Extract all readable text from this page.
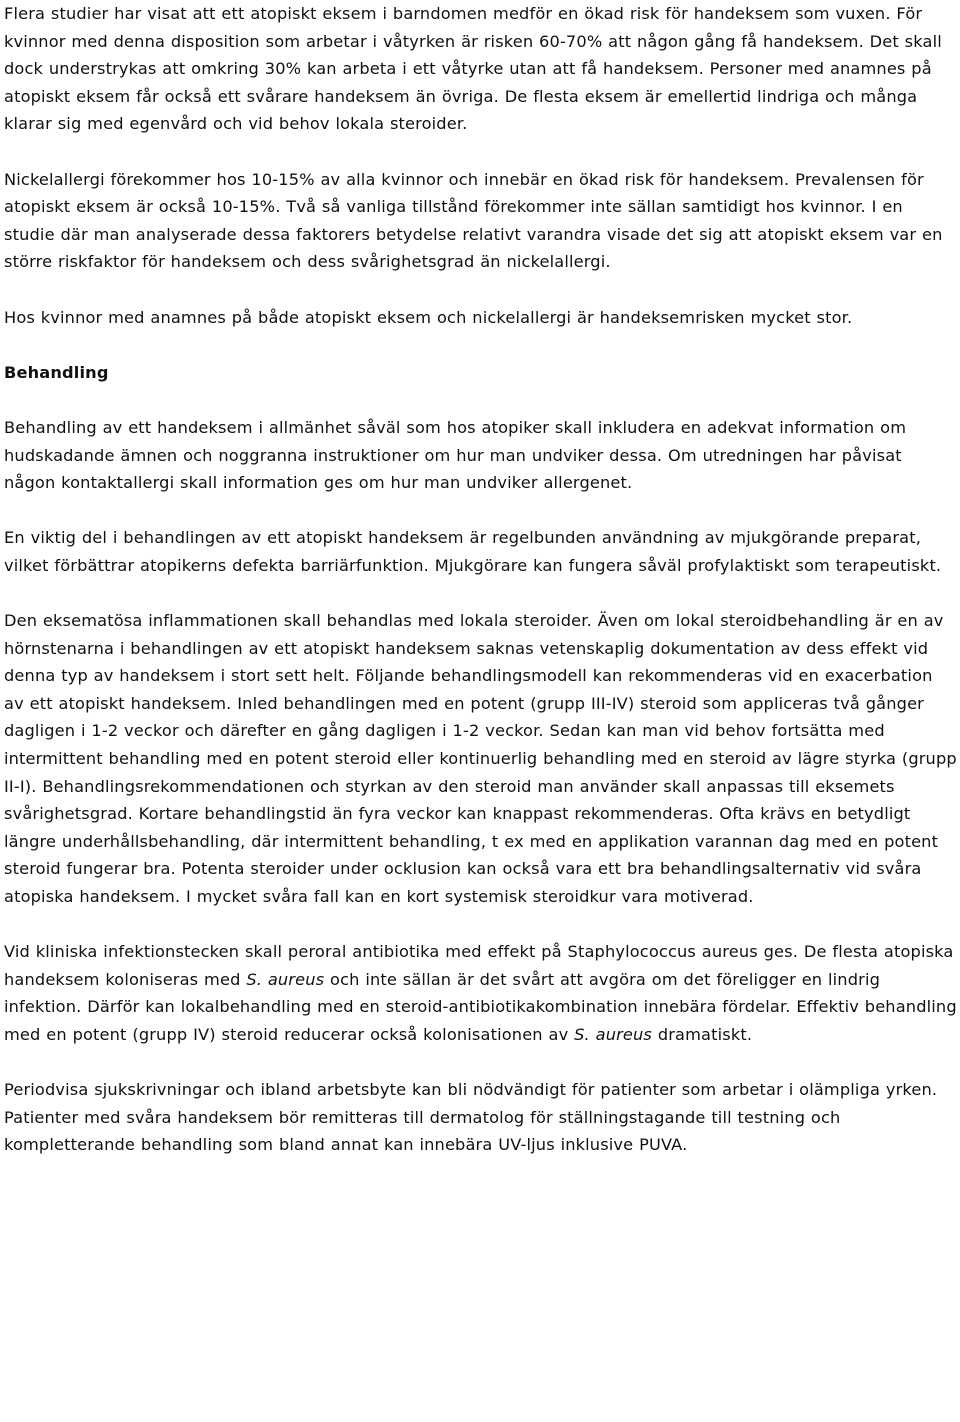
Flera studier har visat att ett atopiskt eksem i barndomen medför en ökad risk för handeksem som vuxen. För kvinnor med denna disposition som arbetar i våtyrken är risken 60-70% att någon gång få handeksem. Det skall dock understrykas att omkring 30% kan arbeta i ett våtyrke utan att få handeksem. Personer med anamnes på atopiskt eksem får också ett svårare handeksem än övriga. De flesta eksem är emellertid lindriga och många klarar sig med egenvård och vid behov lokala steroider.

Nickelallergi förekommer hos 10-15% av alla kvinnor och innebär en ökad risk för handeksem. Prevalensen för atopiskt eksem är också 10-15%. Två så vanliga tillstånd förekommer inte sällan samtidigt hos kvinnor. I en studie där man analyserade dessa faktorers betydelse relativt varandra visade det sig att atopiskt eksem var en större riskfaktor för handeksem och dess svårighetsgrad än nickelallergi.

Hos kvinnor med anamnes på både atopiskt eksem och nickelallergi är handeksemrisken mycket stor.

Behandling

Behandling av ett handeksem i allmänhet såväl som hos atopiker skall inkludera en adekvat information om hudskadande ämnen och noggranna instruktioner om hur man undviker dessa. Om utredningen har påvisat någon kontaktallergi skall information ges om hur man undviker allergenet.

En viktig del i behandlingen av ett atopiskt handeksem är regelbunden användning av mjukgörande preparat, vilket förbättrar atopikerns defekta barriärfunktion. Mjukgörare kan fungera såväl profylaktiskt som terapeutiskt.

Den eksematösa inflammationen skall behandlas med lokala steroider. Även om lokal steroidbehandling är en av hörnstenarna i behandlingen av ett atopiskt handeksem saknas vetenskaplig dokumentation av dess effekt vid denna typ av handeksem i stort sett helt. Följande behandlingsmodell kan rekommenderas vid en exacerbation av ett atopiskt handeksem. Inled behandlingen med en potent (grupp III-IV) steroid som appliceras två gånger dagligen i 1-2 veckor och därefter en gång dagligen i 1-2 veckor. Sedan kan man vid behov fortsätta med intermittent behandling med en potent steroid eller kontinuerlig behandling med en steroid av lägre styrka (grupp II-I). Behandlingsrekommendationen och styrkan av den steroid man använder skall anpassas till eksemets svårighetsgrad. Kortare behandlingstid än fyra veckor kan knappast rekommenderas. Ofta krävs en betydligt längre underhållsbehandling, där intermittent behandling, t ex med en applikation varannan dag med en potent steroid fungerar bra. Potenta steroider under ocklusion kan också vara ett bra behandlingsalternativ vid svåra atopiska handeksem. I mycket svåra fall kan en kort systemisk steroidkur vara motiverad.

Vid kliniska infektionstecken skall peroral antibiotika med effekt på Staphylococcus aureus ges. De flesta atopiska handeksem koloniseras med S. aureus och inte sällan är det svårt att avgöra om det föreligger en lindrig infektion. Därför kan lokalbehandling med en steroid-antibiotikakombination innebära fördelar. Effektiv behandling med en potent (grupp IV) steroid reducerar också kolonisationen av S. aureus dramatiskt.

Periodvisa sjukskrivningar och ibland arbetsbyte kan bli nödvändigt för patienter som arbetar i olämpliga yrken. Patienter med svåra handeksem bör remitteras till dermatolog för ställningstagande till testning och kompletterande behandling som bland annat kan innebära UV-ljus inklusive PUVA.
